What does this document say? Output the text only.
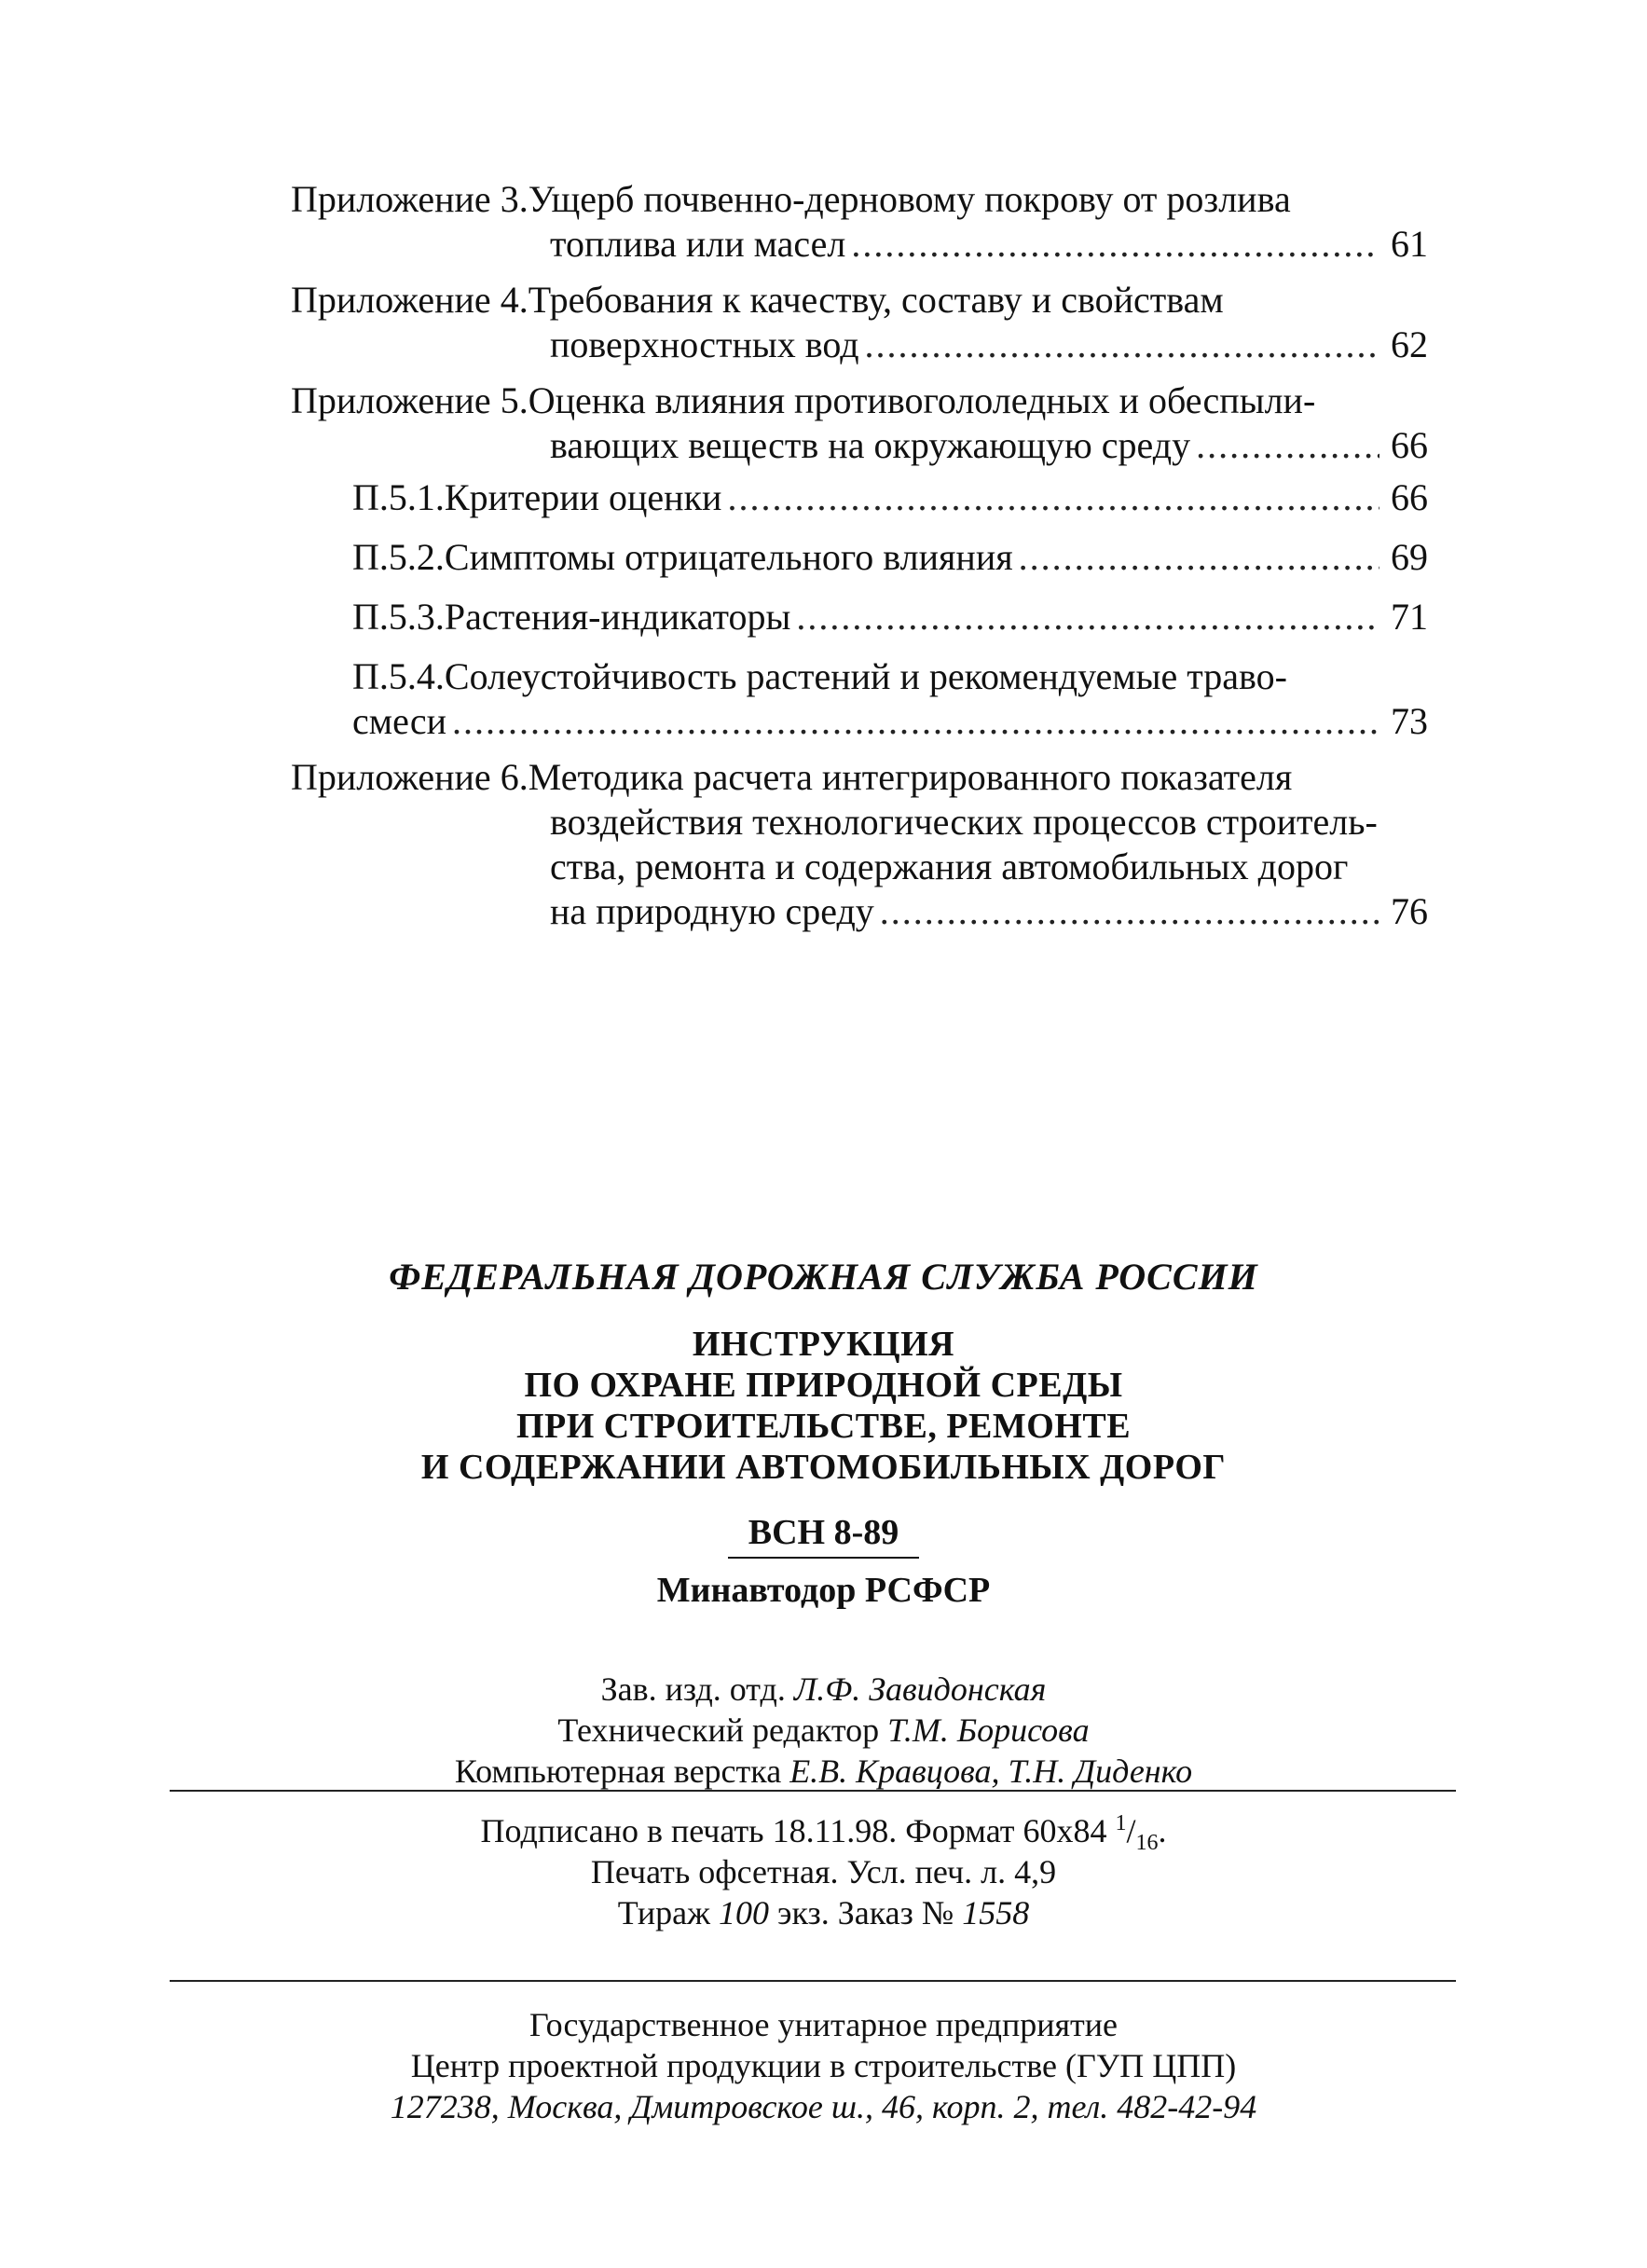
Приложение 3. Ущерб почвенно-дерновому покрову от розлива
топлива или масел .....	61
Приложение 4. Требования к качеству, составу и свойствам
поверхностных вод .....	62
Приложение 5. Оценка влияния противогололедных и обеспыли-
вающих веществ на окружающую среду .....	66
П.5.1. Критерии оценки .....	66
П.5.2. Симптомы отрицательного влияния .....	69
П.5.3. Растения-индикаторы .....	71
П.5.4. Солеустойчивость растений и рекомендуемые траво-
смеси .....	73
Приложение 6. Методика расчета интегрированного показателя
воздействия технологических процессов строитель-
ства, ремонта и содержания автомобильных дорог
на природную среду .....	76
ФЕДЕРАЛЬНАЯ ДОРОЖНАЯ СЛУЖБА РОССИИ
ИНСТРУКЦИЯ
ПО ОХРАНЕ ПРИРОДНОЙ СРЕДЫ
ПРИ СТРОИТЕЛЬСТВЕ, РЕМОНТЕ
И СОДЕРЖАНИИ АВТОМОБИЛЬНЫХ ДОРОГ
ВСН 8-89
Минавтодор РСФСР
Зав. изд. отд. Л.Ф. Завидонская
Технический редактор Т.М. Борисова
Компьютерная верстка Е.В. Кравцова, Т.Н. Диденко
Подписано в печать 18.11.98. Формат 60x84 $^1/_{16}$.
Печать офсетная. Усл. печ. л. 4,9
Тираж 100 экз. Заказ № 1558
Государственное унитарное предприятие
Центр проектной продукции в строительстве (ГУП ЦПП)
127238, Москва, Дмитровское ш., 46, корп. 2, тел. 482-42-94
